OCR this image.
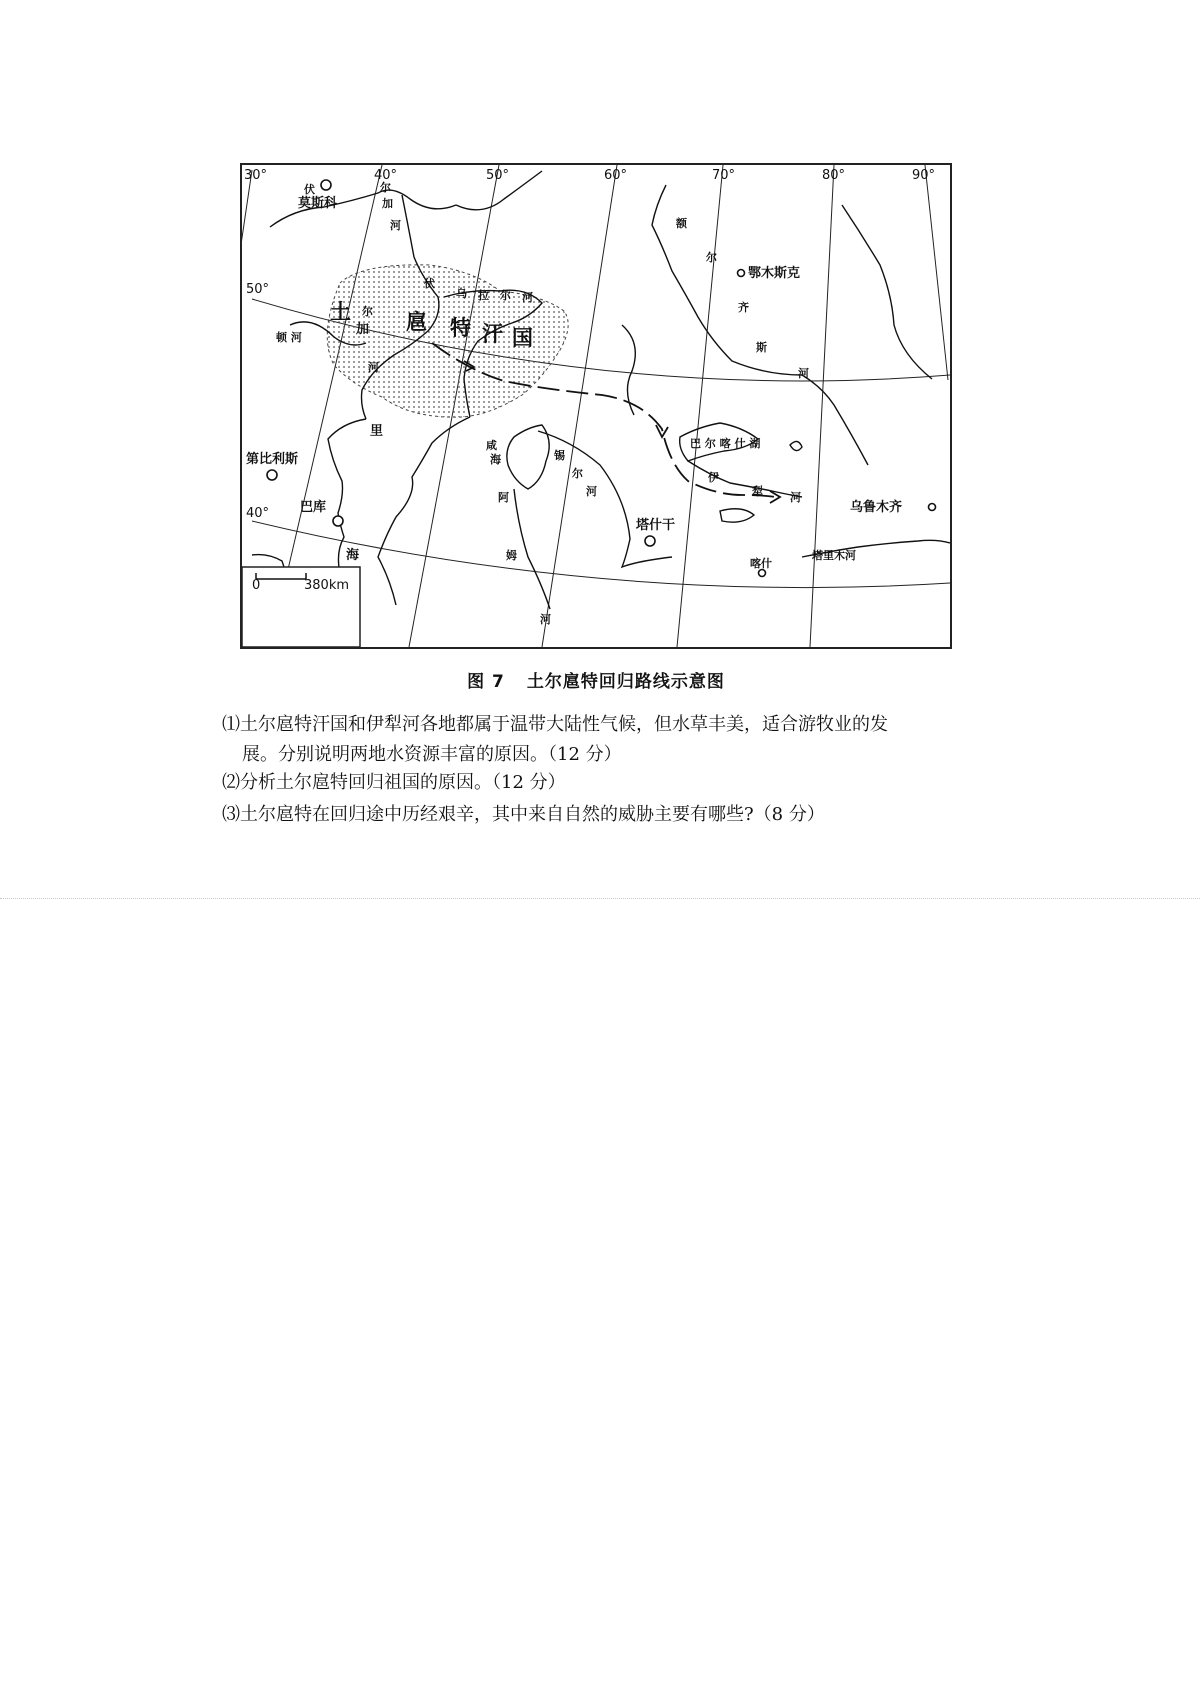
30°	40°	50°	60°	70°	80°	90°
50°
40°
莫斯科
鄂木斯克
第比利斯
巴库
塔什干
乌鲁木齐
喀什
土 尔 扈 特 汗 国
伏	尔
加
河
伏
乌 拉 尔 河
加
河
里
海
咸
海	锡
尔
河
阿
姆
河
额
尔
齐
斯
河
巴 尔 喀 什 湖
伊
犁 河
塔里木河
顿 河
0	380km
图 7 土尔扈特回归路线示意图
⑴土尔扈特汗国和伊犁河各地都属于温带大陆性气候，但水草丰美，适合游牧业的发
展。分别说明两地水资源丰富的原因。（12 分）
⑵分析土尔扈特回归祖国的原因。（12 分）
⑶土尔扈特在回归途中历经艰辛，其中来自自然的威胁主要有哪些?（8 分）
